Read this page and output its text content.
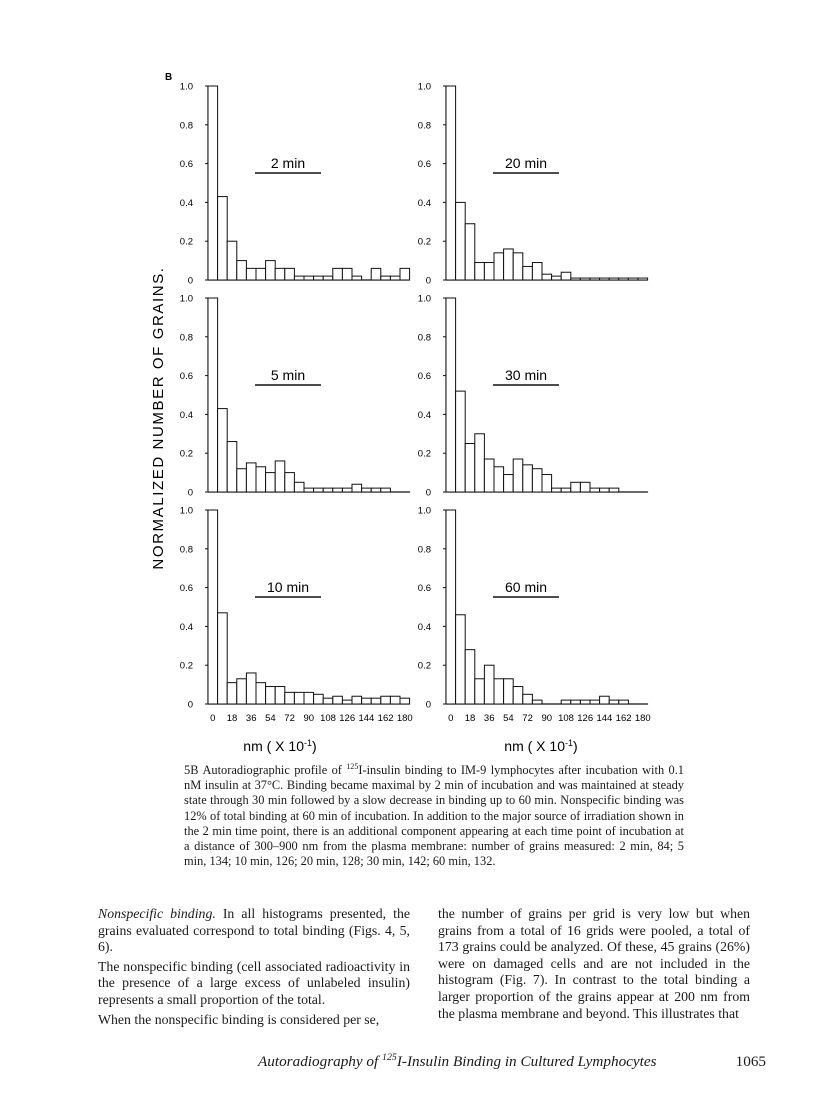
B
NORMALIZED NUMBER OF GRAINS. 0
0.2
0.4
0.6
0.8
1.0
2 min
0
0.2
0.4
0.6
0.8
1.0
20 min
0
0.2
0.4
0.6
0.8
1.0
5 min
0
0.2
0.4
0.6
0.8
1.0
30 min
0
0.2
0.4
0.6
0.8
1.0
10 min
0 18 36 54 72 90 108 126 144 162 180
0
0.2
0.4
0.6
0.8
1.0
60 min
0 18 36 54 72 90 108 126 144 162 180
nm ( X $10^{-1}$)	nm ( X $10^{-1}$)
5B Autoradiographic profile of $^{125}$I-insulin binding to IM-9 lymphocytes after incubation with 0.1 nM insulin at 37°C. Binding became maximal by 2 min of incubation and was maintained at steady state through 30 min followed by a slow decrease in binding up to 60 min. Nonspecific binding was 12% of total binding at 60 min of incubation. In addition to the major source of irradiation shown in the 2 min time point, there is an additional component appearing at each time point of incubation at a distance of 300–900 nm from the plasma membrane: number of grains measured: 2 min, 84; 5 min, 134; 10 min, 126; 20 min, 128; 30 min, 142; 60 min, 132.

Nonspecific binding. In all histograms presented, the grains evaluated correspond to total binding (Figs. 4, 5, 6).

The nonspecific binding (cell associated radioactivity in the presence of a large excess of unlabeled insulin) represents a small proportion of the total.

When the nonspecific binding is considered per se,

the number of grains per grid is very low but when grains from a total of 16 grids were pooled, a total of 173 grains could be analyzed. Of these, 45 grains (26%) were on damaged cells and are not included in the histogram (Fig. 7). In contrast to the total binding a larger proportion of the grains appear at 200 nm from the plasma membrane and beyond. This illustrates that

Autoradiography of $^{125}$I-Insulin Binding in Cultured Lymphocytes	1065
